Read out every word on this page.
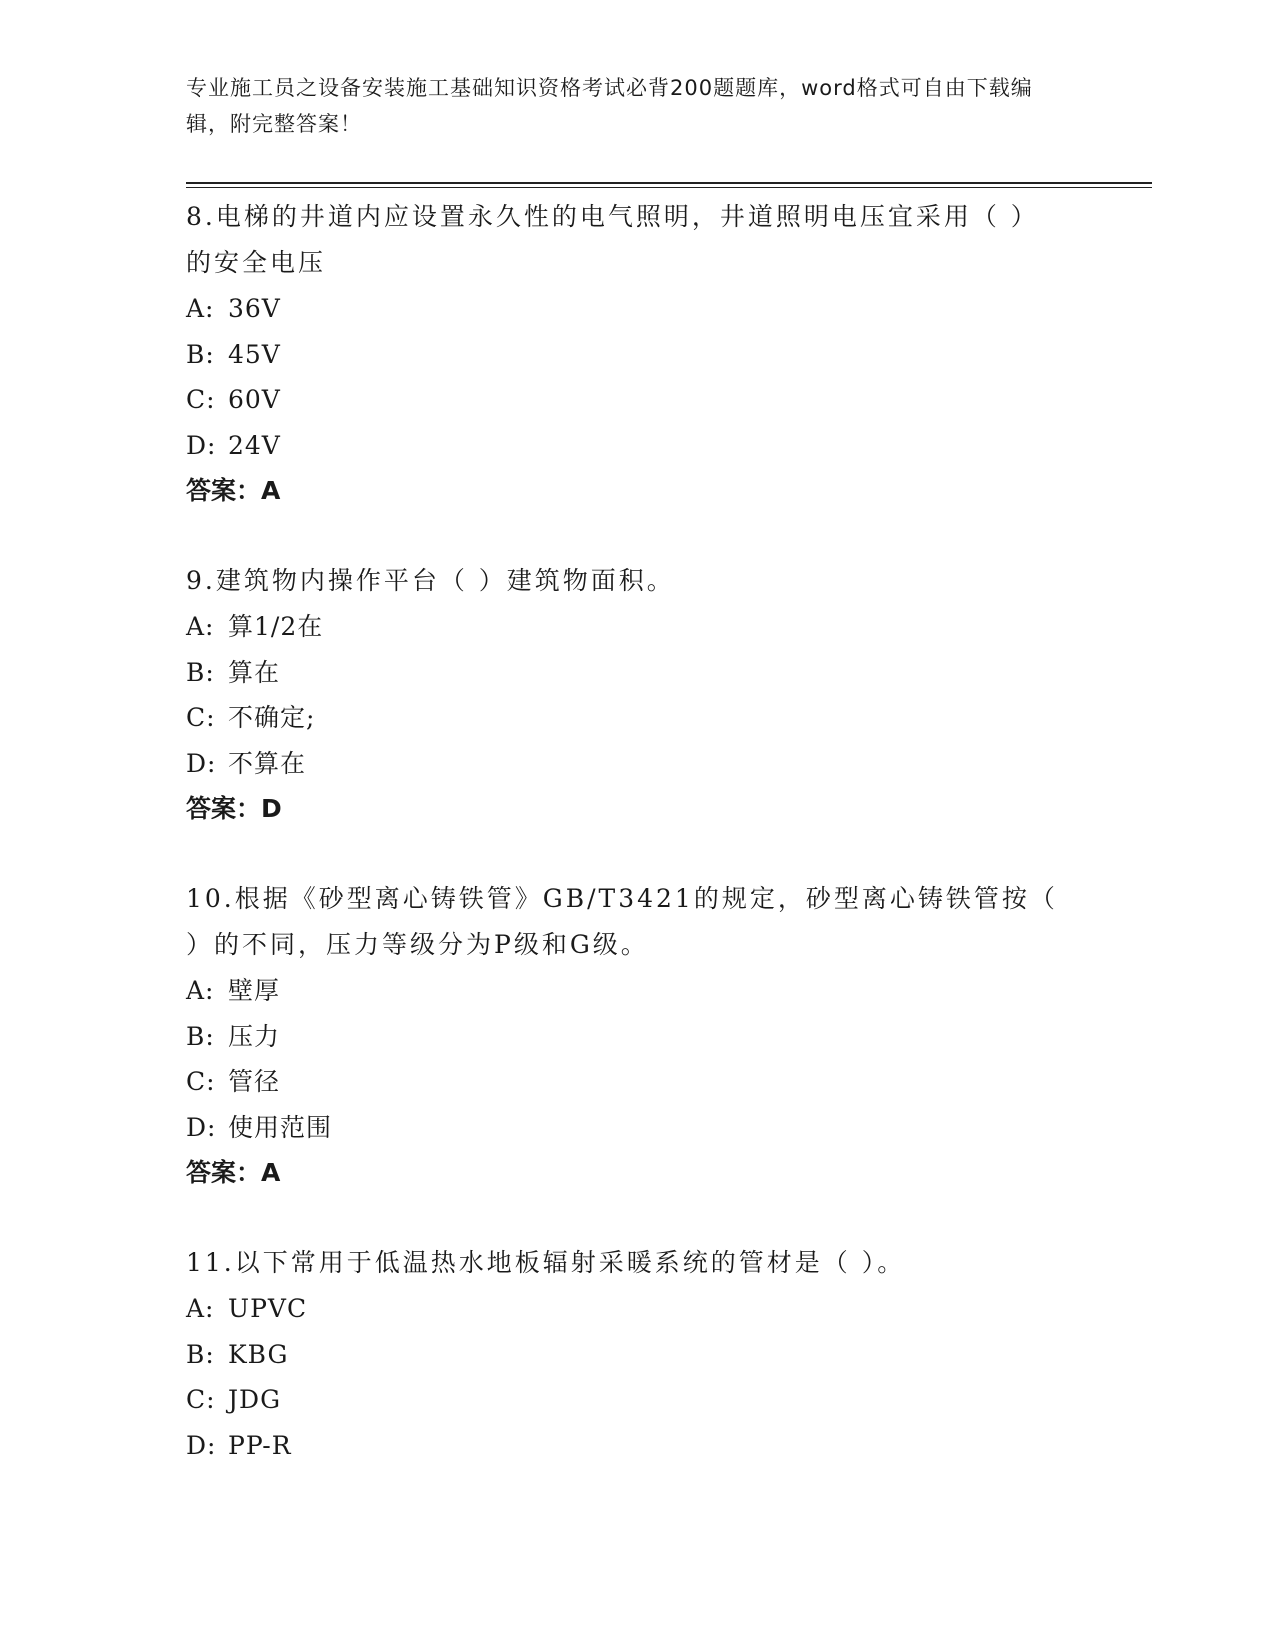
专业施工员之设备安装施工基础知识资格考试必背200题题库，word格式可自由下载编辑，附完整答案！

8.电梯的井道内应设置永久性的电气照明，井道照明电压宜采用（ ）的安全电压

A: 36V

B: 45V

C: 60V

D: 24V

答案：A

9.建筑物内操作平台（ ）建筑物面积。

A: 算1/2在

B: 算在

C: 不确定;

D: 不算在

答案：D

10.根据《砂型离心铸铁管》GB/T3421的规定，砂型离心铸铁管按（ ）的不同，压力等级分为P级和G级。

A: 壁厚

B: 压力

C: 管径

D: 使用范围

答案：A

11.以下常用于低温热水地板辐射采暖系统的管材是（ ）。

A: UPVC

B: KBG

C: JDG

D: PP-R
